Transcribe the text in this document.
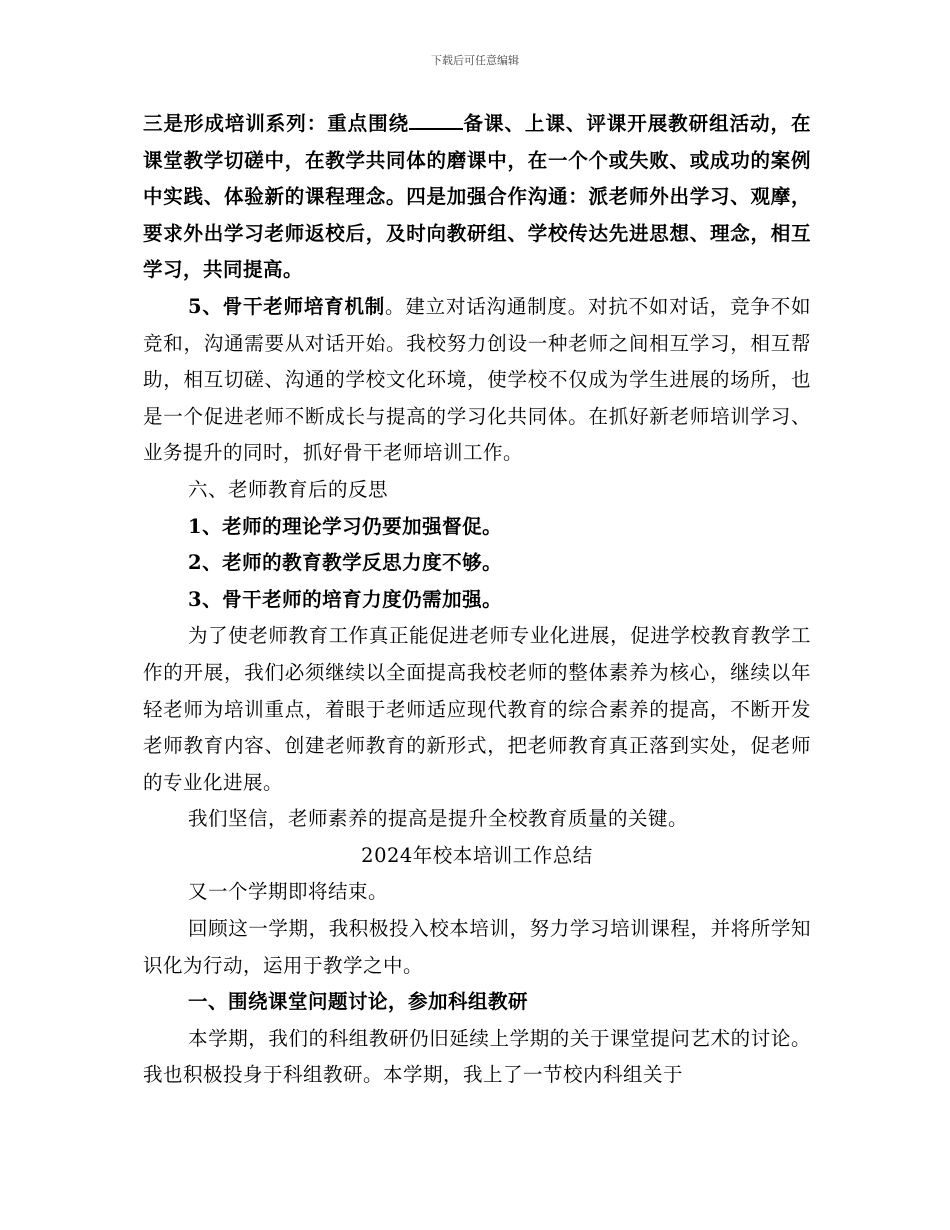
下载后可任意编辑

三是形成培训系列：重点围绕	备课、上课、评课开展教研组活动，在课堂教学切磋中，在教学共同体的磨课中，在一个个或失败、或成功的案例中实践、体验新的课程理念。四是加强合作沟通：派老师外出学习、观摩，要求外出学习老师返校后，及时向教研组、学校传达先进思想、理念，相互学习，共同提高。

5、骨干老师培育机制。建立对话沟通制度。对抗不如对话，竞争不如竞和，沟通需要从对话开始。我校努力创设一种老师之间相互学习，相互帮助，相互切磋、沟通的学校文化环境，使学校不仅成为学生进展的场所，也是一个促进老师不断成长与提高的学习化共同体。在抓好新老师培训学习、业务提升的同时，抓好骨干老师培训工作。

六、老师教育后的反思

1、老师的理论学习仍要加强督促。

2、老师的教育教学反思力度不够。

3、骨干老师的培育力度仍需加强。

为了使老师教育工作真正能促进老师专业化进展，促进学校教育教学工作的开展，我们必须继续以全面提高我校老师的整体素养为核心，继续以年轻老师为培训重点，着眼于老师适应现代教育的综合素养的提高，不断开发老师教育内容、创建老师教育的新形式，把老师教育真正落到实处，促老师的专业化进展。

我们坚信，老师素养的提高是提升全校教育质量的关键。

2024年校本培训工作总结

又一个学期即将结束。

回顾这一学期，我积极投入校本培训，努力学习培训课程，并将所学知识化为行动，运用于教学之中。

一、围绕课堂问题讨论，参加科组教研

本学期，我们的科组教研仍旧延续上学期的关于课堂提问艺术的讨论。我也积极投身于科组教研。本学期，我上了一节校内科组关于
